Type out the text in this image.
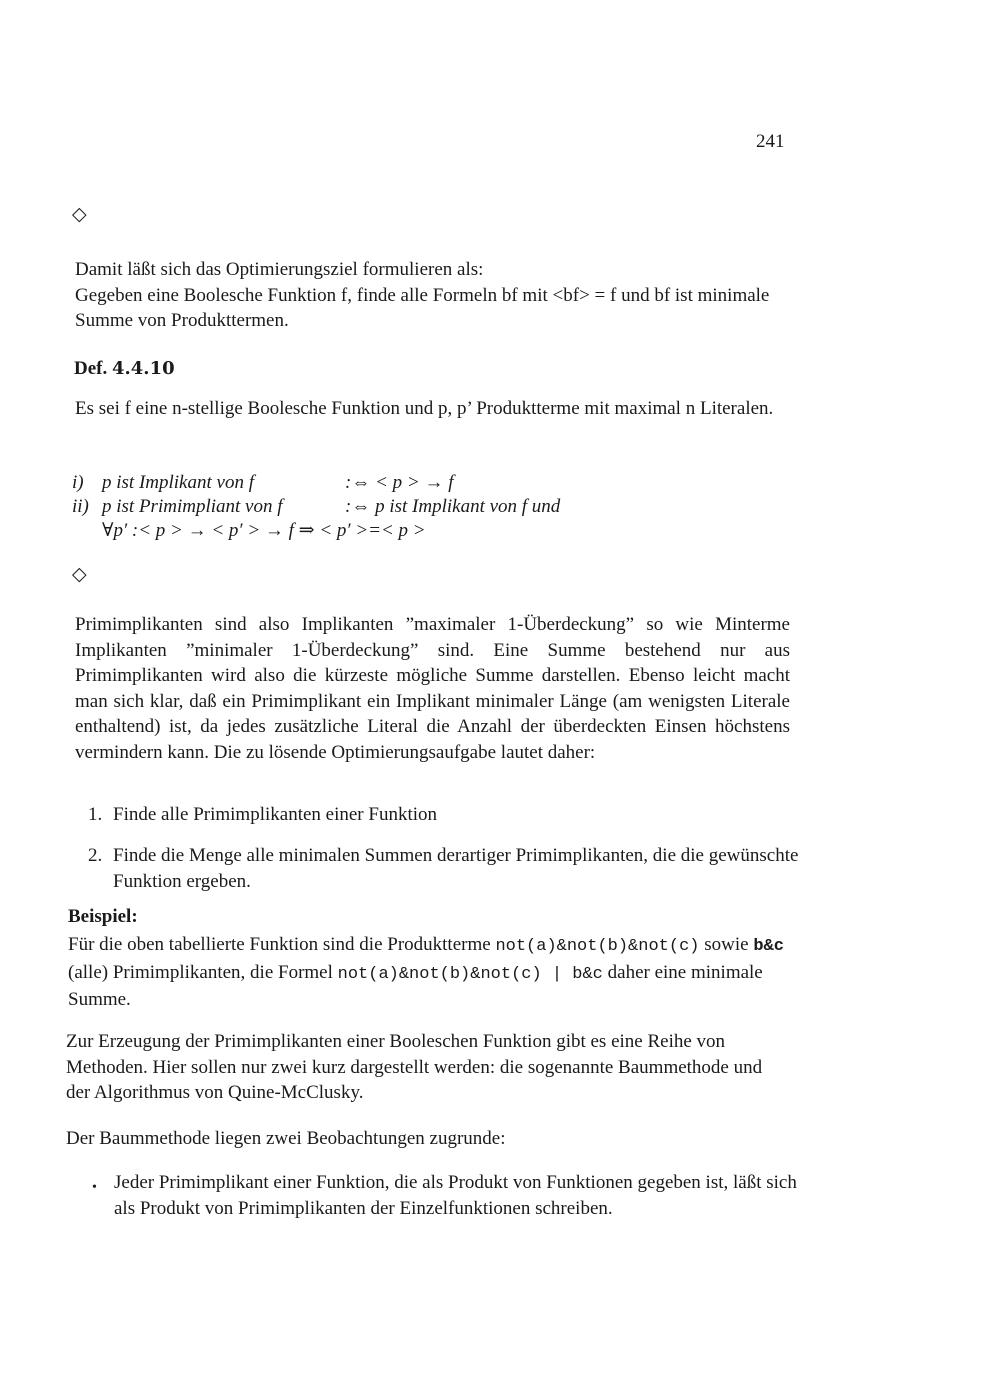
241
◇
Damit läßt sich das Optimierungsziel formulieren als:
Gegeben eine Boolesche Funktion f, finde alle Formeln bf mit <bf> = f und bf ist minimale Summe von Produkttermen.
Def. 4.4.10
Es sei f eine n-stellige Boolesche Funktion und p, p’ Produktterme mit maximal n Literalen.
i) p ist Implikant von f	:⇔ < p > → f
ii) p ist Primimpliant von f	:⇔ p ist Implikant von f und
∀p′ :< p > → < p′ > → f ⇒ < p′ >=< p >
◇
Primimplikanten sind also Implikanten ”maximaler 1-Überdeckung” so wie Minterme Implikanten ”minimaler 1-Überdeckung” sind. Eine Summe bestehend nur aus Primimplikanten wird also die kürzeste mögliche Summe darstellen. Ebenso leicht macht man sich klar, daß ein Primimplikant ein Implikant minimaler Länge (am wenigsten Literale enthaltend) ist, da jedes zusätzliche Literal die Anzahl der überdeckten Einsen höchstens vermindern kann. Die zu lösende Optimierungsaufgabe lautet daher:
1. Finde alle Primimplikanten einer Funktion
2. Finde die Menge alle minimalen Summen derartiger Primimplikanten, die die gewünschte Funktion ergeben.
Beispiel:
Für die oben tabellierte Funktion sind die Produktterme not(a)&not(b)&not(c) sowie b&c (alle) Primimplikanten, die Formel not(a)&not(b)&not(c) | b&c daher eine minimale Summe.
Zur Erzeugung der Primimplikanten einer Booleschen Funktion gibt es eine Reihe von Methoden. Hier sollen nur zwei kurz dargestellt werden: die sogenannte Baummethode und der Algorithmus von Quine-McClusky.
Der Baummethode liegen zwei Beobachtungen zugrunde:
• Jeder Primimplikant einer Funktion, die als Produkt von Funktionen gegeben ist, läßt sich als Produkt von Primimplikanten der Einzelfunktionen schreiben.
